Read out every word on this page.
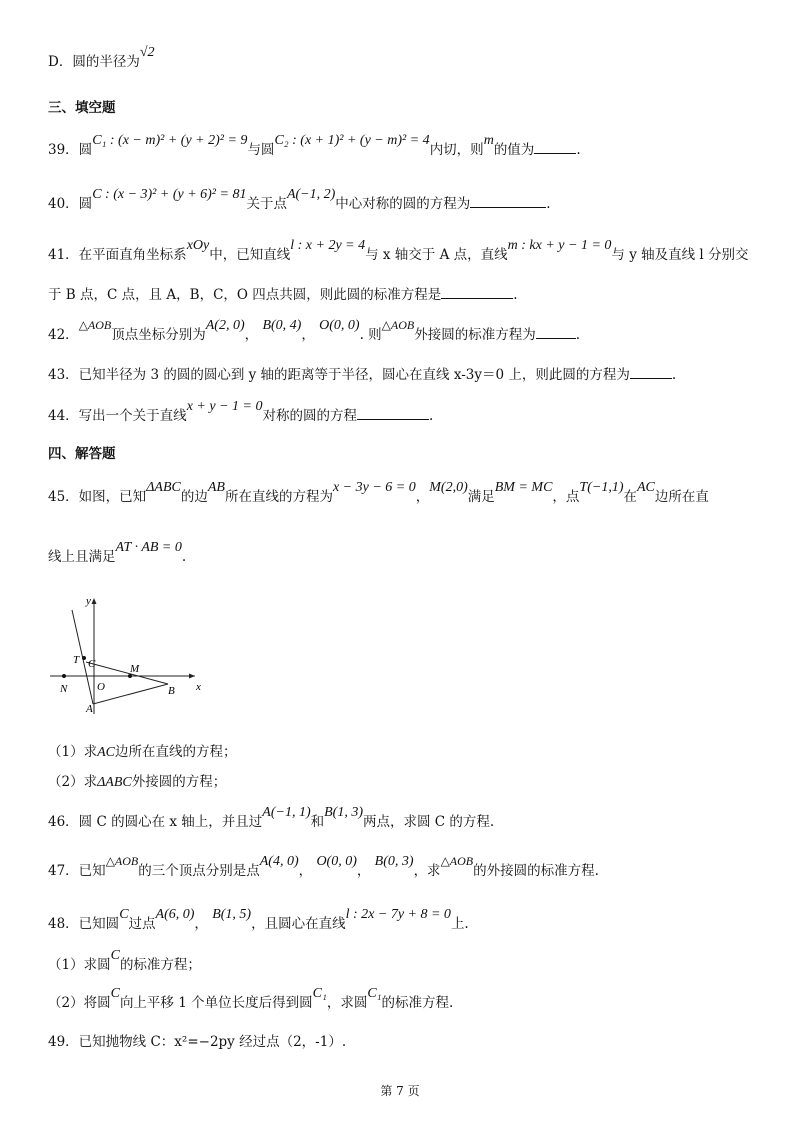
D．圆的半径为√2
三、填空题
39．圆C₁ : (x − m)² + (y + 2)² = 9与圆C₂ : (x + 1)² + (y − m)² = 4内切，则m的值为	.
40．圆C : (x − 3)² + (y + 6)² = 81关于点A(−1, 2)中心对称的圆的方程为	.
41．在平面直角坐标系xOy中，已知直线l : x + 2y = 4与 x 轴交于 A 点，直线m : kx + y − 1 = 0与 y 轴及直线 l 分别交
于 B 点，C 点，且 A，B，C，O 四点共圆，则此圆的标准方程是	.
42．△AOB顶点坐标分别为A(2, 0)， B(0, 4)， O(0, 0). 则△AOB外接圆的标准方程为	.
43．已知半径为 3 的圆的圆心到 y 轴的距离等于半径，圆心在直线 x-3y＝0 上，则此圆的方程为	.
44．写出一个关于直线x + y − 1 = 0对称的圆的方程	.
四、解答题
45．如图，已知ΔABC的边AB所在直线的方程为x − 3y − 6 = 0，M(2,0)满足BM = MC，点T(−1,1)在AC边所在直
线上且满足AT · AB = 0.
y
x
T C	M
N	O	B
A
（1）求AC边所在直线的方程；
（2）求ΔABC外接圆的方程；
46．圆 C 的圆心在 x 轴上，并且过A(−1, 1)和B(1, 3)两点，求圆 C 的方程.
47．已知△AOB的三个顶点分别是点A(4, 0)， O(0, 0)， B(0, 3)，求△AOB的外接圆的标准方程.
48．已知圆C过点A(6, 0)， B(1, 5)，且圆心在直线l : 2x − 7y + 8 = 0上.
（1）求圆C的标准方程；
（2）将圆C向上平移 1 个单位长度后得到圆C₁，求圆C₁的标准方程.
49．已知抛物线 C：x²=−2py 经过点（2，-1）.
第 7 页
